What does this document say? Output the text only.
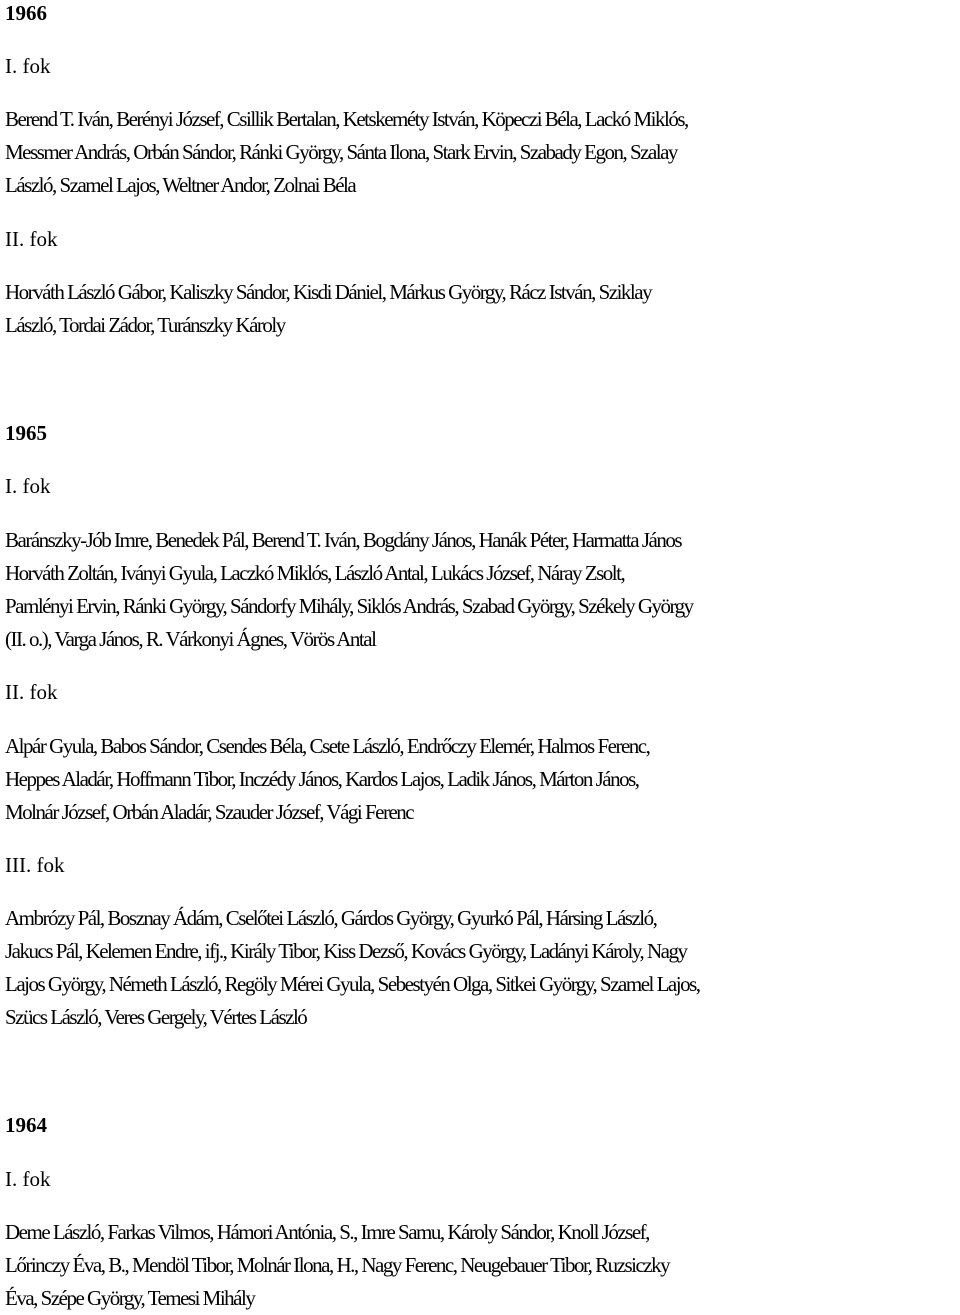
1966
I. fok
Berend T. Iván, Berényi József, Csillik Bertalan, Ketskeméty István, Köpeczi Béla, Lackó Miklós,
Messmer András, Orbán Sándor, Ránki György, Sánta Ilona, Stark Ervin, Szabady Egon, Szalay
László, Szamel Lajos, Weltner Andor, Zolnai Béla
II. fok
Horváth László Gábor, Kaliszky Sándor, Kisdi Dániel, Márkus György, Rácz István, Sziklay
László, Tordai Zádor, Turánszky Károly
1965
I. fok
Baránszky-Jób Imre, Benedek Pál, Berend T. Iván, Bogdány János, Hanák Péter, Harmatta János
Horváth Zoltán, Iványi Gyula, Laczkó Miklós, László Antal, Lukács József, Náray Zsolt,
Pamlényi Ervin, Ránki György, Sándorfy Mihály, Siklós András, Szabad György, Székely György
(II. o.), Varga János, R. Várkonyi Ágnes, Vörös Antal
II. fok
Alpár Gyula, Babos Sándor, Csendes Béla, Csete László, Endrőczy Elemér, Halmos Ferenc,
Heppes Aladár, Hoffmann Tibor, Inczédy János, Kardos Lajos, Ladik János, Márton János,
Molnár József, Orbán Aladár, Szauder József, Vági Ferenc
III. fok
Ambrózy Pál, Bosznay Ádám, Cselőtei László, Gárdos György, Gyurkó Pál, Hársing László,
Jakucs Pál, Kelemen Endre, ifj., Király Tibor, Kiss Dezső, Kovács György, Ladányi Károly, Nagy
Lajos György, Németh László, Regöly Mérei Gyula, Sebestyén Olga, Sitkei György, Szamel Lajos,
Szücs László, Veres Gergely, Vértes László
1964
I. fok
Deme László, Farkas Vilmos, Hámori Antónia, S., Imre Samu, Károly Sándor, Knoll József,
Lőrinczy Éva, B., Mendöl Tibor, Molnár Ilona, H., Nagy Ferenc, Neugebauer Tibor, Ruzsiczky
Éva, Szépe György, Temesi Mihály
